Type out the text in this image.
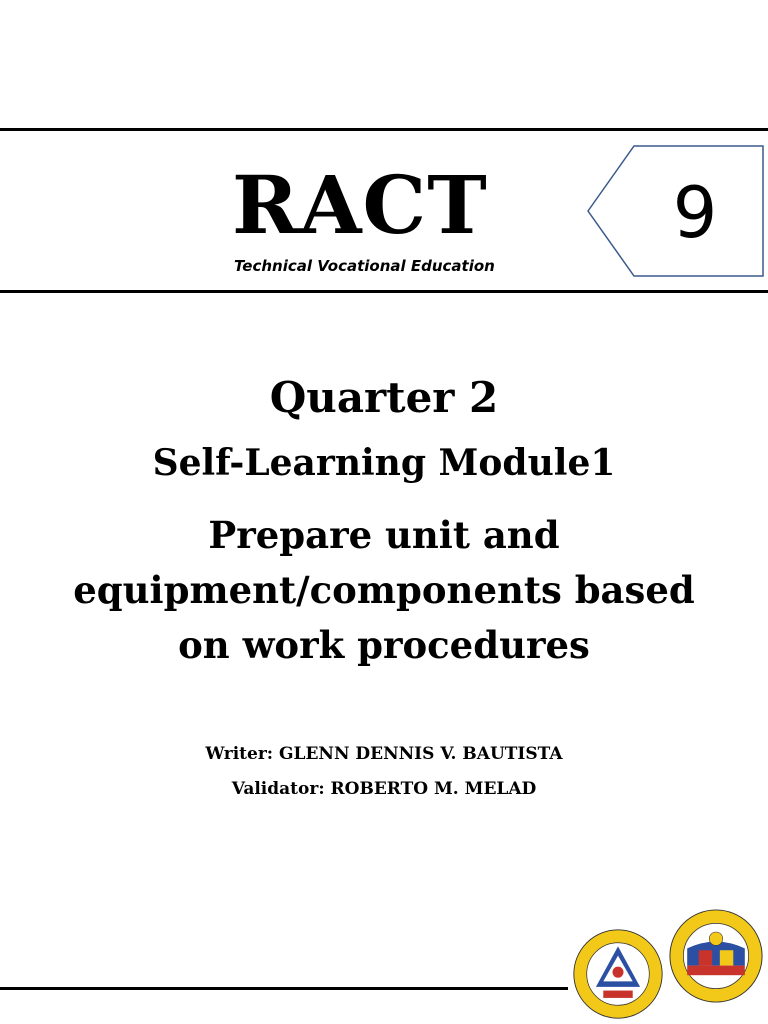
RACT
Technical Vocational Education
9
Quarter 2
Self-Learning Module1
Prepare unit and
equipment/components based
on work procedures
Writer: GLENN DENNIS V. BAUTISTA
Validator: ROBERTO M. MELAD
